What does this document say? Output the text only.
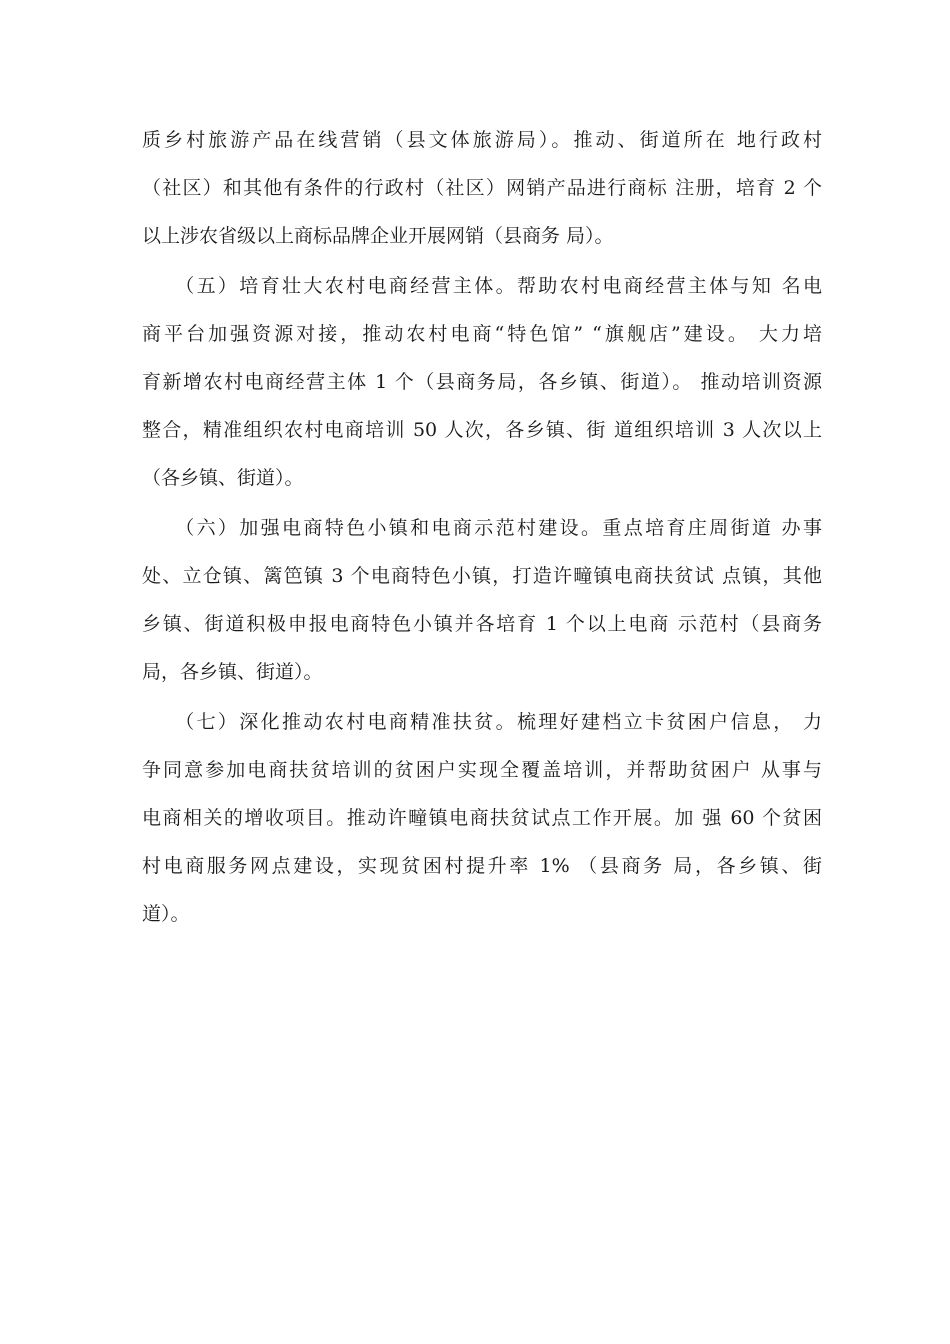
质乡村旅游产品在线营销（县文体旅游局）。推动、街道所在 地行政村
（社区）和其他有条件的行政村（社区）网销产品进行商标 注册，培育 2 个
以上涉农省级以上商标品牌企业开展网销（县商务 局）。
　　（五）培育壮大农村电商经营主体。帮助农村电商经营主体与知 名电
商平台加强资源对接，推动农村电商“特色馆” “旗舰店”建设。 大力培
育新增农村电商经营主体 1 个（县商务局，各乡镇、街道）。 推动培训资源
整合，精准组织农村电商培训 50 人次，各乡镇、街 道组织培训 3 人次以上
（各乡镇、街道）。
　　（六）加强电商特色小镇和电商示范村建设。重点培育庄周街道 办事
处、立仓镇、篱笆镇 3 个电商特色小镇，打造许疃镇电商扶贫试 点镇，其他
乡镇、街道积极申报电商特色小镇并各培育 1 个以上电商 示范村（县商务
局，各乡镇、街道）。
　　（七）深化推动农村电商精准扶贫。梳理好建档立卡贫困户信息， 力
争同意参加电商扶贫培训的贫困户实现全覆盖培训，并帮助贫困户 从事与
电商相关的增收项目。推动许疃镇电商扶贫试点工作开展。加 强 60 个贫困
村电商服务网点建设，实现贫困村提升率 1% （县商务 局，各乡镇、街
道）。
